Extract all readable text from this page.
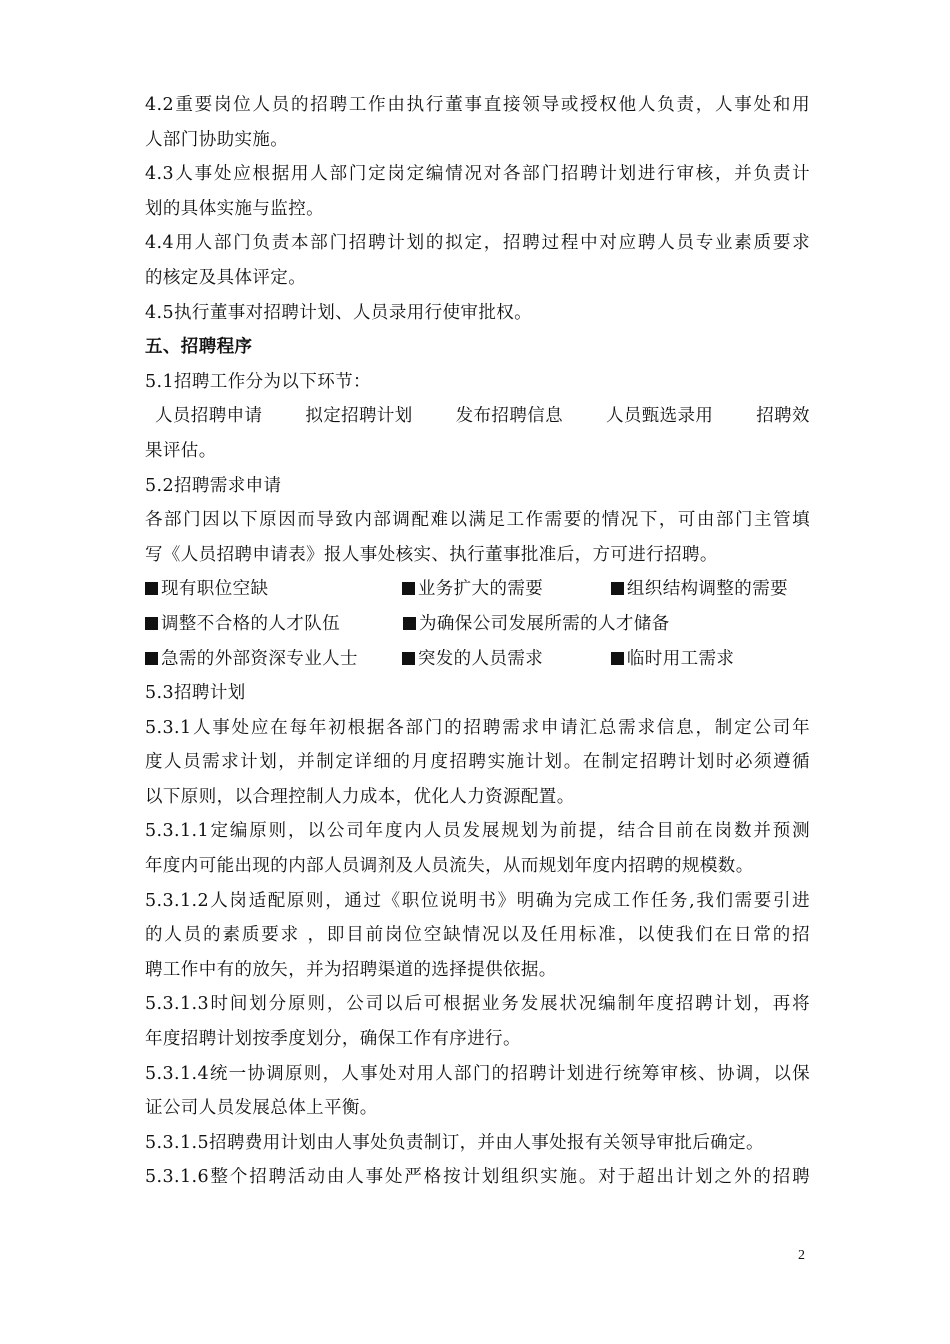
4.2重要岗位人员的招聘工作由执行董事直接领导或授权他人负责，人事处和用
人部门协助实施。
4.3人事处应根据用人部门定岗定编情况对各部门招聘计划进行审核，并负责计
划的具体实施与监控。
4.4用人部门负责本部门招聘计划的拟定，招聘过程中对应聘人员专业素质要求
的核定及具体评定。
4.5执行董事对招聘计划、人员录用行使审批权。
五、招聘程序
5.1招聘工作分为以下环节：
人员招聘申请 拟定招聘计划 发布招聘信息 人员甄选录用 招聘效
果评估。
5.2招聘需求申请
各部门因以下原因而导致内部调配难以满足工作需要的情况下，可由部门主管填
写《人员招聘申请表》报人事处核实、执行董事批准后，方可进行招聘。
现有职位空缺	业务扩大的需要	组织结构调整的需要
调整不合格的人才队伍	为确保公司发展所需的人才储备
急需的外部资深专业人士	突发的人员需求	临时用工需求
5.3招聘计划
5.3.1人事处应在每年初根据各部门的招聘需求申请汇总需求信息，制定公司年
度人员需求计划，并制定详细的月度招聘实施计划。在制定招聘计划时必须遵循
以下原则，以合理控制人力成本，优化人力资源配置。
5.3.1.1定编原则，以公司年度内人员发展规划为前提，结合目前在岗数并预测
年度内可能出现的内部人员调剂及人员流失，从而规划年度内招聘的规模数。
5.3.1.2人岗适配原则，通过《职位说明书》明确为完成工作任务,我们需要引进
的人员的素质要求 ，即目前岗位空缺情况以及任用标准，以使我们在日常的招
聘工作中有的放矢，并为招聘渠道的选择提供依据。
5.3.1.3时间划分原则，公司以后可根据业务发展状况编制年度招聘计划，再将
年度招聘计划按季度划分，确保工作有序进行。
5.3.1.4统一协调原则，人事处对用人部门的招聘计划进行统筹审核、协调，以保
证公司人员发展总体上平衡。
5.3.1.5招聘费用计划由人事处负责制订，并由人事处报有关领导审批后确定。
5.3.1.6整个招聘活动由人事处严格按计划组织实施。对于超出计划之外的招聘
2
